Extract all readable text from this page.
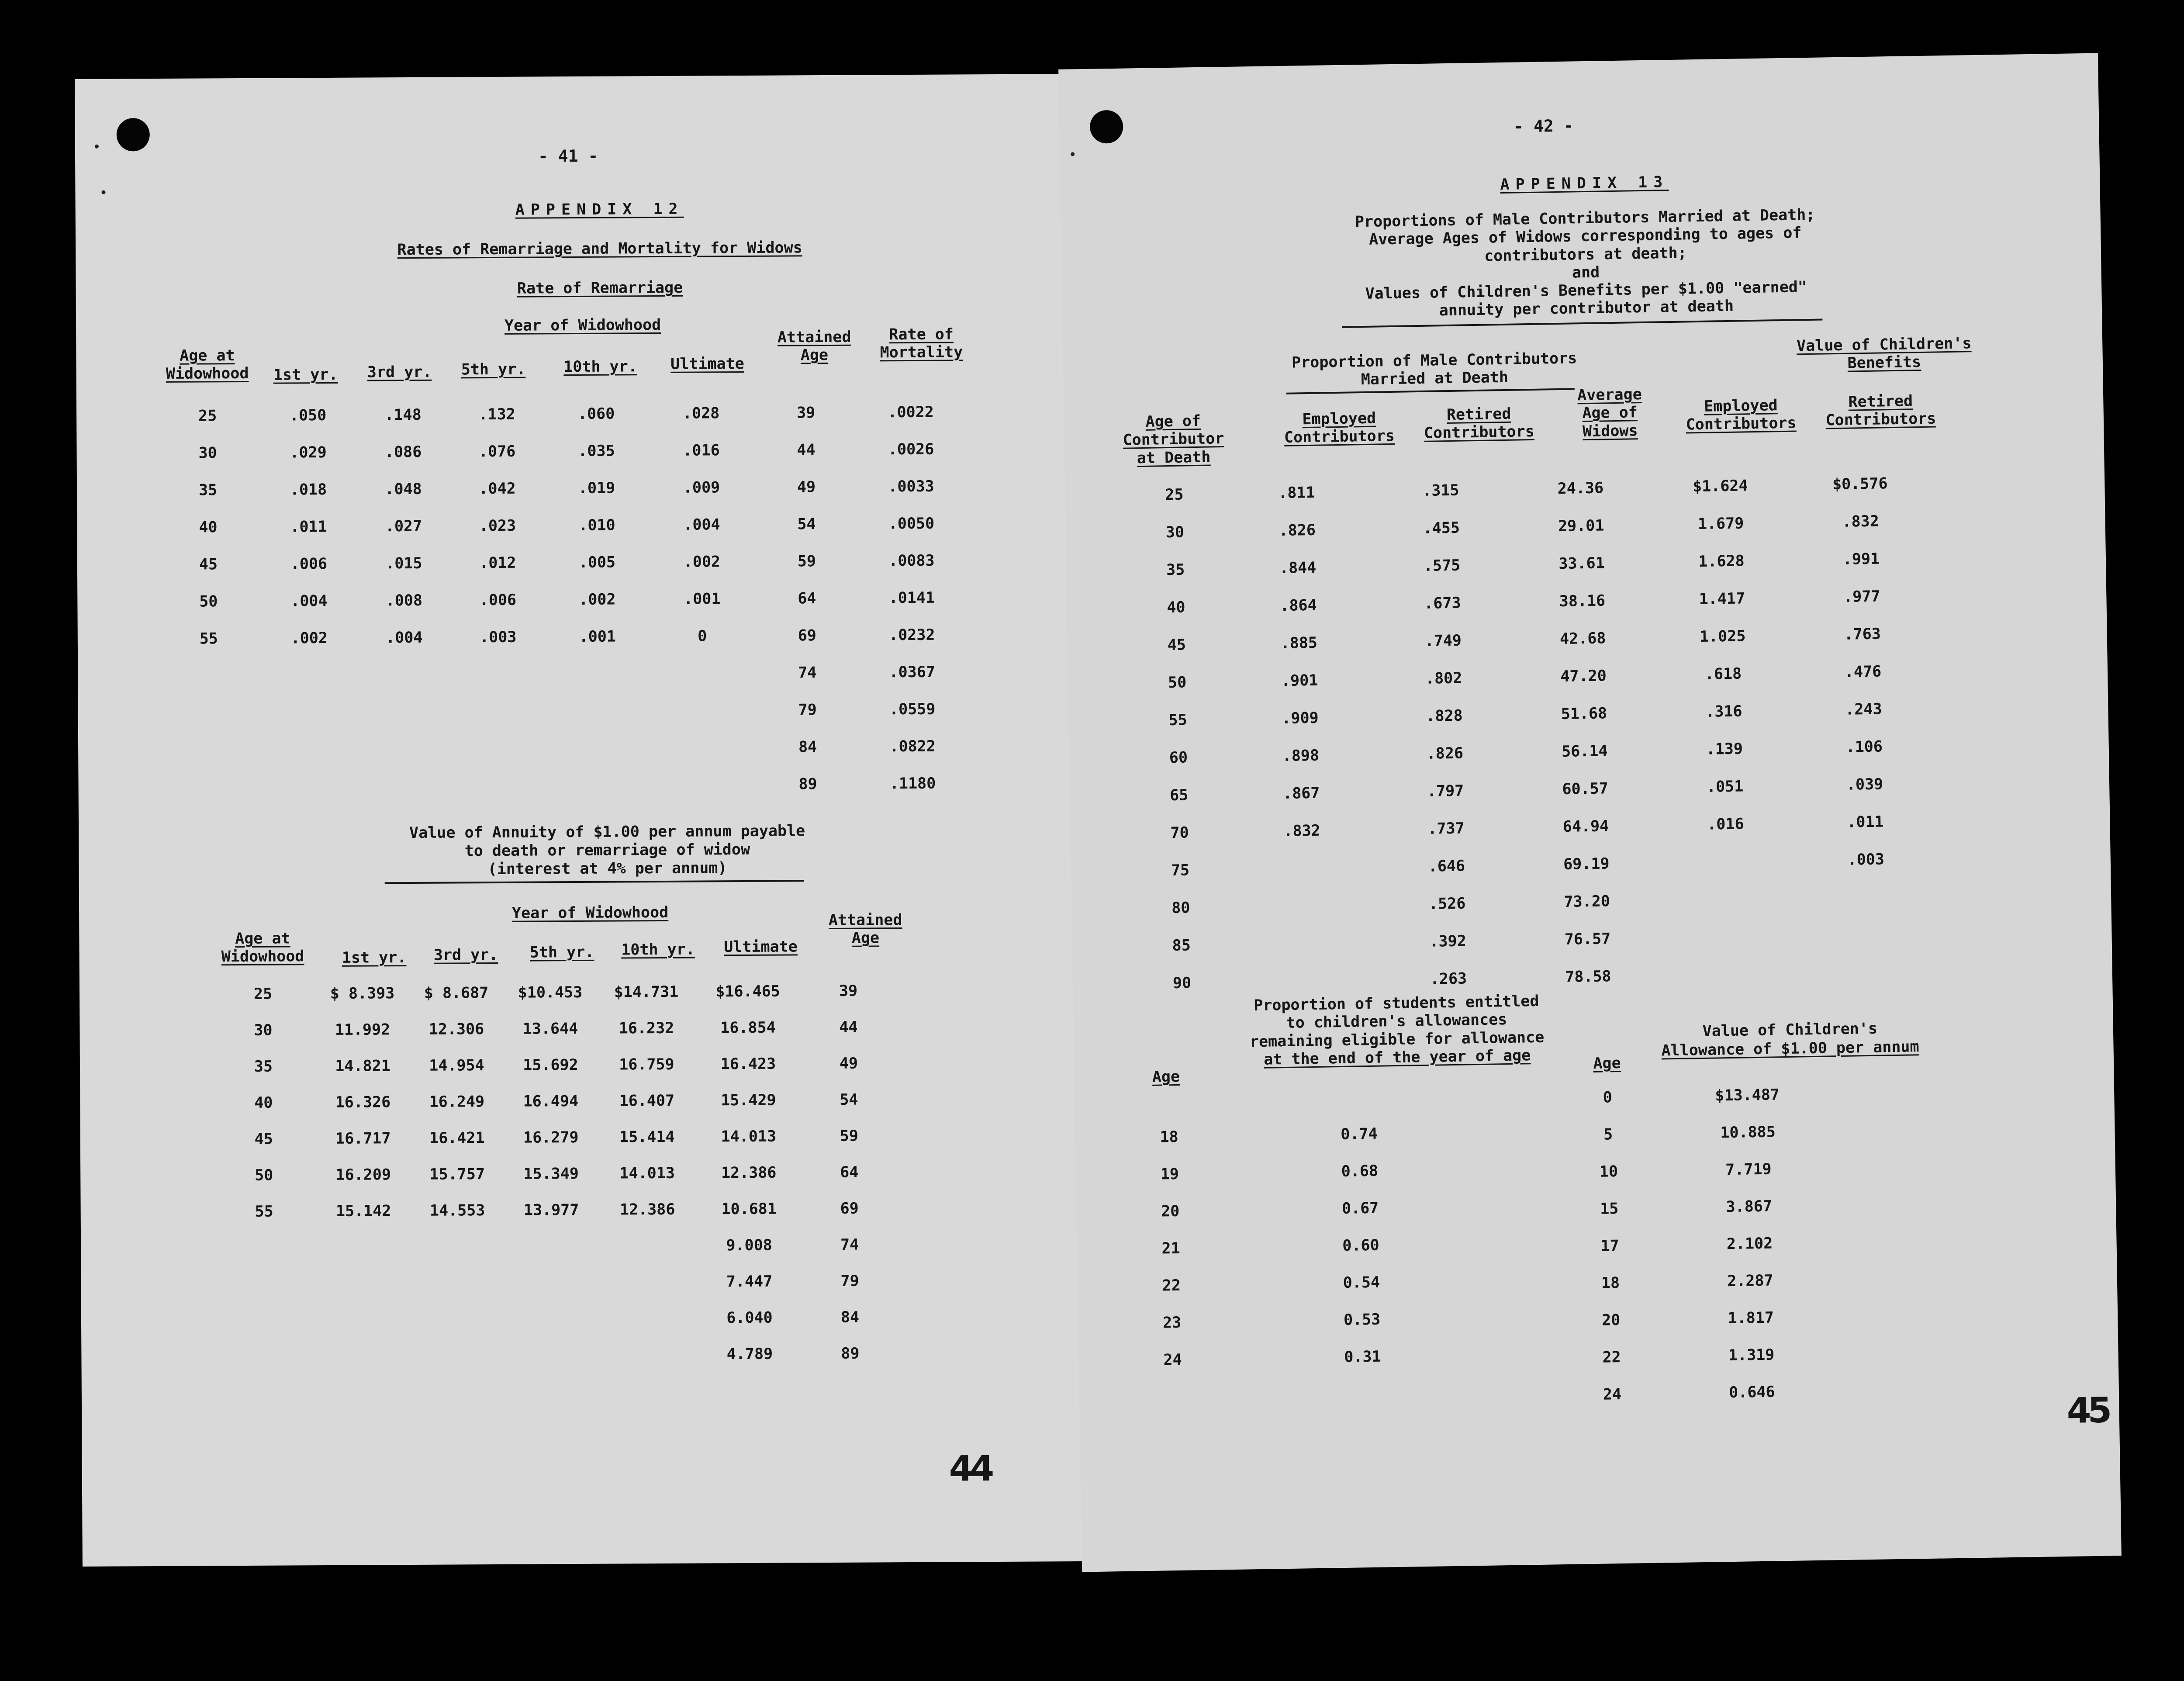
- 41 -
APPENDIX 12
Rates of Remarriage and Mortality for Widows
Rate of Remarriage
Year of Widowhood
Age at Widowhood	1st yr.	3rd yr.	5th yr.	10th yr.	Ultimate
Attained Age
Rate of Mortality
25	.050	.148	.132	.060	.028	39	.0022
30	.029	.086	.076	.035	.016	44	.0026
35	.018	.048	.042	.019	.009	49	.0033
40	.011	.027	.023	.010	.004	54	.0050
45	.006	.015	.012	.005	.002	59	.0083
50	.004	.008	.006	.002	.001	64	.0141
55	.002	.004	.003	.001	0	69	.0232
						74	.0367
						79	.0559
						84	.0822
						89	.1180
Value of Annuity of $1.00 per annum payable
to death or remarriage of widow
(interest at 4% per annum)
Year of Widowhood
Age at Widowhood	1st yr.	3rd yr.	5th yr.	10th yr.	Ultimate
Attained Age
25	$ 8.393	$ 8.687	$10.453	$14.731	$16.465	39
30	11.992	12.306	13.644	16.232	16.854	44
35	14.821	14.954	15.692	16.759	16.423	49
40	16.326	16.249	16.494	16.407	15.429	54
45	16.717	16.421	16.279	15.414	14.013	59
50	16.209	15.757	15.349	14.013	12.386	64
55	15.142	14.553	13.977	12.386	10.681	69
					9.008	74
					7.447	79
					6.040	84
					4.789	89
44
- 42 -
APPENDIX 13
Proportions of Male Contributors Married at Death;
Average Ages of Widows corresponding to ages of
contributors at death;
and
Values of Children's Benefits per $1.00 "earned"
annuity per contributor at death
Proportion of Male Contributors Married at Death
Value of Children's Benefits
Age of Contributor at Death
Employed Contributors
Retired Contributors
Average Age of Widows
Employed Contributors
Retired Contributors
25	.811	.315	24.36	$1.624	$0.576
30	.826	.455	29.01	1.679	.832
35	.844	.575	33.61	1.628	.991
40	.864	.673	38.16	1.417	.977
45	.885	.749	42.68	1.025	.763
50	.901	.802	47.20	.618	.476
55	.909	.828	51.68	.316	.243
60	.898	.826	56.14	.139	.106
65	.867	.797	60.57	.051	.039
70	.832	.737	64.94	.016	.011
75		.646	69.19		.003
80		.526	73.20		
85		.392	76.57		
90		.263	78.58		
Age
Proportion of students entitled
to children's allowances
remaining eligible for allowance
at the end of the year of age
18	0.74
19	0.68
20	0.67
21	0.60
22	0.54
23	0.53
24	0.31
Age
Value of Children's
Allowance of $1.00 per annum
0	$13.487
5	10.885
10	7.719
15	3.867
17	2.102
18	2.287
20	1.817
22	1.319
24	0.646	45
